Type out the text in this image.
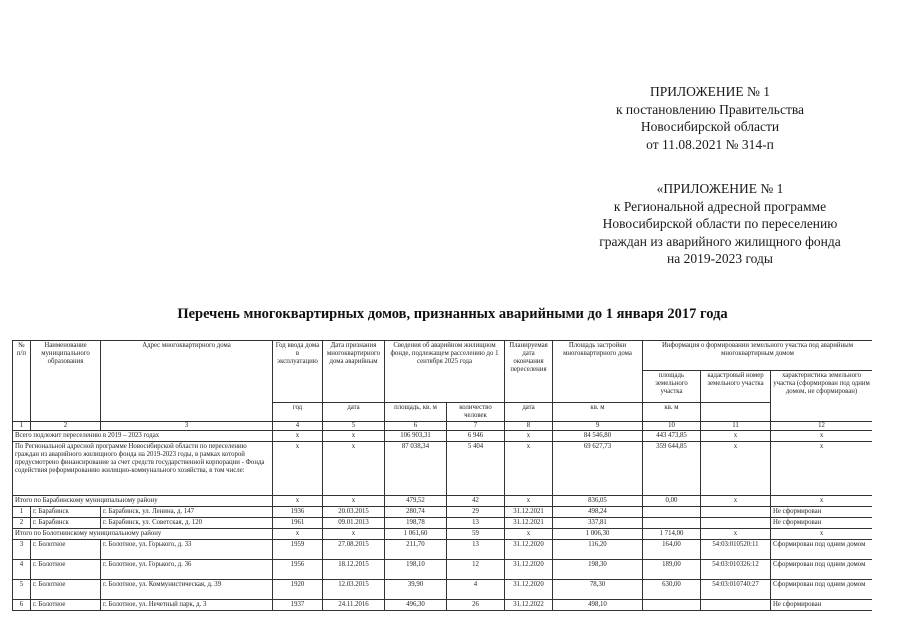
ПРИЛОЖЕНИЕ № 1
к постановлению Правительства
Новосибирской области
от 11.08.2021 № 314-п
«ПРИЛОЖЕНИЕ № 1
к Региональной адресной программе
Новосибирской области по переселению
граждан из аварийного жилищного фонда
на 2019-2023 годы
Перечень многоквартирных домов, признанных аварийными до 1 января 2017 года
№ п/п	Наименование муниципального образования	Адрес многоквартирного дома	Год ввода дома в эксплуатацию	Дата признания многоквартирного дома аварийным	Сведения об аварийном жилищном фонде, подлежащем расселению до 1 сентября 2025 года		Планируемая дата окончания переселения	Площадь застройки многоквартирного дома	Информация о формировании земельного участка под аварийным многоквартирным домом		
									площадь земельного участка	кадастровый номер земельного участка	характеристика земельного участка (сформирован под одним домом, не сформирован)
			год	дата	площадь, кв. м	количество человек	дата	кв. м	кв. м		
1	2	3	4	5	6	7	8	9	10	11	12
Всего подлежит переселению в 2019 – 2023 годах			x	x	106 903,31	6 946	x	84 546,80	443 473,85	x	x
По Региональной адресной программе Новосибирской области по переселению граждан из аварийного жилищного фонда на 2019-2023 годы, в рамках которой предусмотрено финансирование за счет средств государственной корпорации - Фонда содействия реформированию жилищно-коммунального хозяйства, в том числе:			x	x	87 038,34	5 404	x	69 627,73	359 644,85	x	x
Итого по Барабинскому муниципальному району			x	x	479,52	42	x	836,05	0,00	x	x
1	г. Барабинск	г. Барабинск, ул. Ленина, д. 147	1936	20.03.2015	280,74	29	31.12.2021	498,24			Не сформирован
2	г. Барабинск	г. Барабинск, ул. Советская, д. 120	1961	09.01.2013	198,78	13	31.12.2021	337,81			Не сформирован
Итого по Болотнинскому муниципальному району			x	x	1 061,60	59	x	1 006,30	1 714,00	x	x
3	г. Болотное	г. Болотное, ул. Горького, д. 33	1959	27.08.2015	211,70	13	31.12.2020	116,20	164,00	54:03:010520:11	Сформирован под одним домом
4	г. Болотное	г. Болотное, ул. Горького, д. 36	1956	18.12.2015	198,10	12	31.12.2020	198,30	189,00	54:03:010326:12	Сформирован под одним домом
5	г. Болотное	г. Болотное, ул. Коммунистическая, д. 39	1920	12.03.2015	39,90	4	31.12.2020	78,30	630,00	54:03:010740:27	Сформирован под одним домом
6	г. Болотное	г. Болотное, ул. Нечетный парк, д. 3	1937	24.11.2016	496,30	26	31.12.2022	498,10			Не сформирован
